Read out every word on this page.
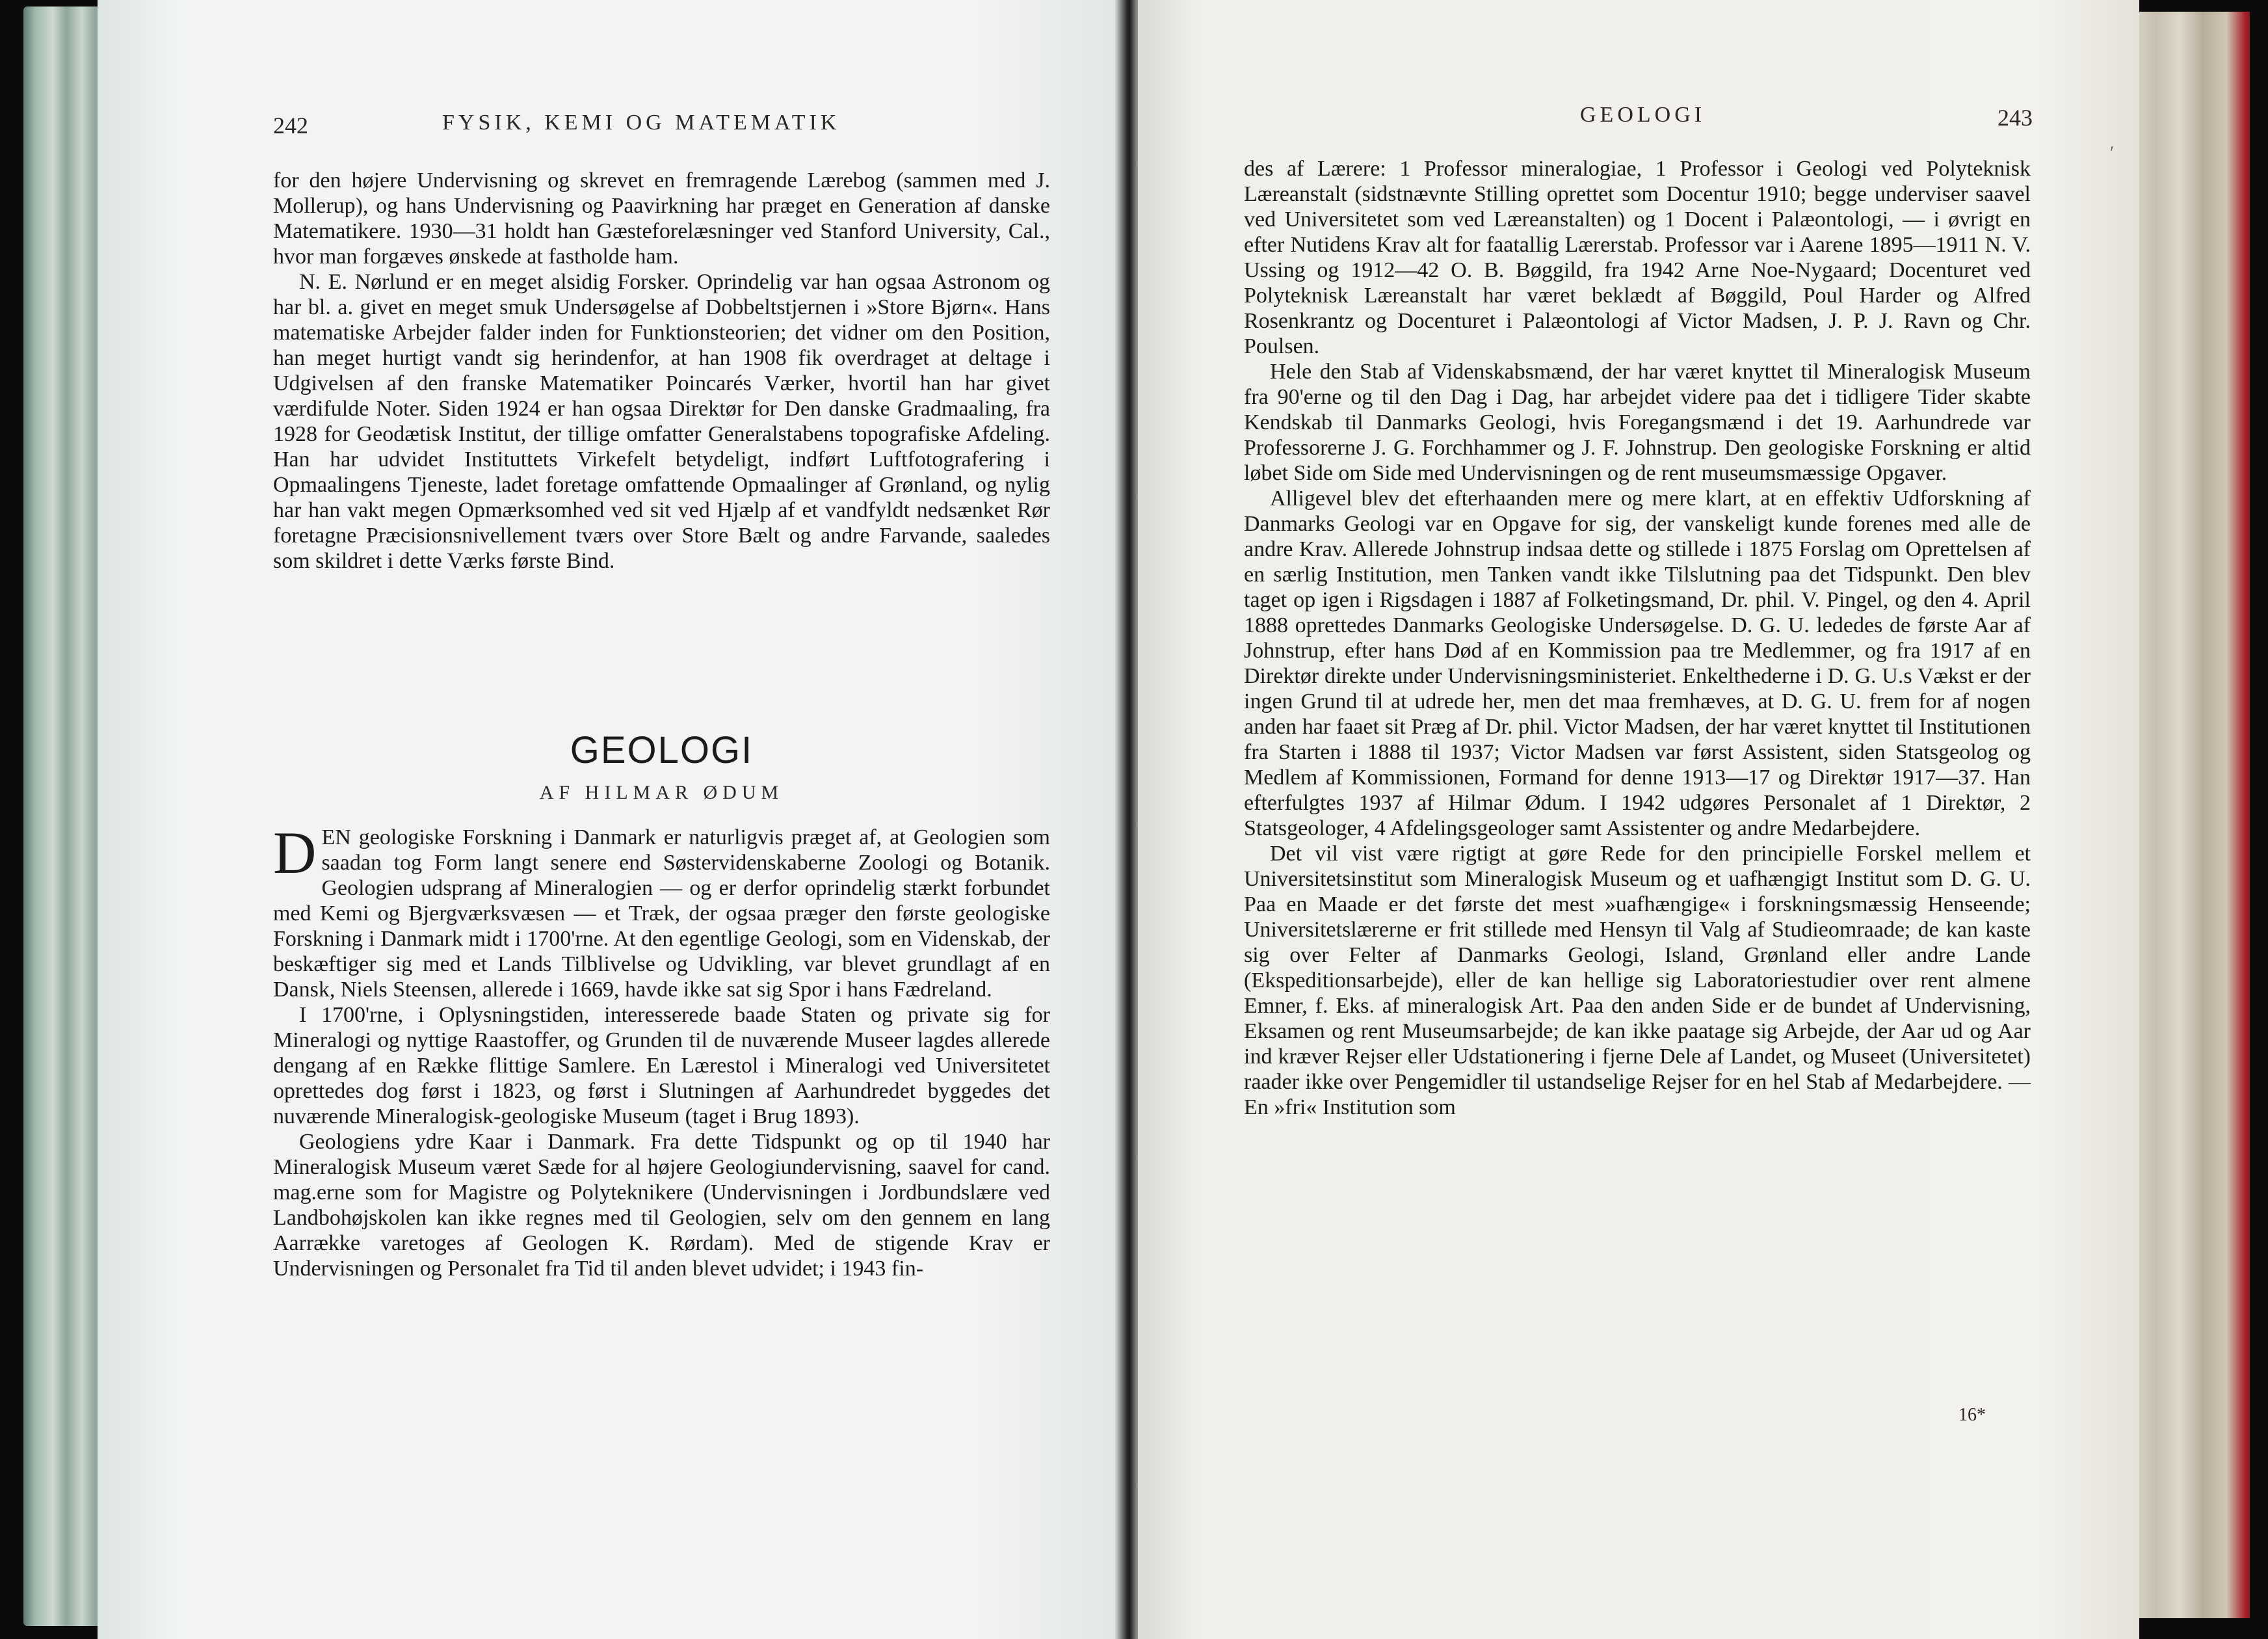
242	FYSIK, KEMI OG MATEMATIK

for den højere Undervisning og skrevet en fremragende Lærebog (sammen med J. Mollerup), og hans Undervisning og Paavirkning har præget en Generation af danske Matematikere. 1930—31 holdt han Gæsteforelæsninger ved Stanford University, Cal., hvor man forgæves ønskede at fastholde ham.

N. E. Nørlund er en meget alsidig Forsker. Oprindelig var han ogsaa Astronom og har bl. a. givet en meget smuk Undersøgelse af Dobbeltstjernen i »Store Bjørn«. Hans matematiske Arbejder falder inden for Funktionsteorien; det vidner om den Position, han meget hurtigt vandt sig herindenfor, at han 1908 fik overdraget at deltage i Udgivelsen af den franske Matematiker Poincarés Værker, hvortil han har givet værdifulde Noter. Siden 1924 er han ogsaa Direktør for Den danske Gradmaaling, fra 1928 for Geodætisk Institut, der tillige omfatter Generalstabens topografiske Afdeling. Han har udvidet Instituttets Virkefelt betydeligt, indført Luftfotografering i Opmaalingens Tjeneste, ladet foretage omfattende Opmaalinger af Grønland, og nylig har han vakt megen Opmærksomhed ved sit ved Hjælp af et vandfyldt nedsænket Rør foretagne Præcisionsnivellement tværs over Store Bælt og andre Farvande, saaledes som skildret i dette Værks første Bind.

GEOLOGI
AF HILMAR ØDUM

DEN geologiske Forskning i Danmark er naturligvis præget af, at Geologien som saadan tog Form langt senere end Søstervidenskaberne Zoologi og Botanik. Geologien udsprang af Mineralogien — og er derfor oprindelig stærkt forbundet med Kemi og Bjergværksvæsen — et Træk, der ogsaa præger den første geologiske Forskning i Danmark midt i 1700'rne. At den egentlige Geologi, som en Videnskab, der beskæftiger sig med et Lands Tilblivelse og Udvikling, var blevet grundlagt af en Dansk, Niels Steensen, allerede i 1669, havde ikke sat sig Spor i hans Fædreland.

I 1700'rne, i Oplysningstiden, interesserede baade Staten og private sig for Mineralogi og nyttige Raastoffer, og Grunden til de nuværende Museer lagdes allerede dengang af en Række flittige Samlere. En Lærestol i Mineralogi ved Universitetet oprettedes dog først i 1823, og først i Slutningen af Aarhundredet byggedes det nuværende Mineralogisk-geologiske Museum (taget i Brug 1893).

Geologiens ydre Kaar i Danmark. Fra dette Tidspunkt og op til 1940 har Mineralogisk Museum været Sæde for al højere Geologiundervisning, saavel for cand. mag.erne som for Magistre og Polyteknikere (Undervisningen i Jordbundslære ved Landbohøjskolen kan ikke regnes med til Geologien, selv om den gennem en lang Aarrække varetoges af Geologen K. Rørdam). Med de stigende Krav er Undervisningen og Personalet fra Tid til anden blevet udvidet; i 1943 fin-

GEOLOGI	243

des af Lærere: 1 Professor mineralogiae, 1 Professor i Geologi ved Polyteknisk Læreanstalt (sidstnævnte Stilling oprettet som Docentur 1910; begge underviser saavel ved Universitetet som ved Læreanstalten) og 1 Docent i Palæontologi, — i øvrigt en efter Nutidens Krav alt for faatallig Lærerstab. Professor var i Aarene 1895—1911 N. V. Ussing og 1912—42 O. B. Bøggild, fra 1942 Arne Noe-Nygaard; Docenturet ved Polyteknisk Læreanstalt har været beklædt af Bøggild, Poul Harder og Alfred Rosenkrantz og Docenturet i Palæontologi af Victor Madsen, J. P. J. Ravn og Chr. Poulsen.

Hele den Stab af Videnskabsmænd, der har været knyttet til Mineralogisk Museum fra 90'erne og til den Dag i Dag, har arbejdet videre paa det i tidligere Tider skabte Kendskab til Danmarks Geologi, hvis Foregangsmænd i det 19. Aarhundrede var Professorerne J. G. Forchhammer og J. F. Johnstrup. Den geologiske Forskning er altid løbet Side om Side med Undervisningen og de rent museumsmæssige Opgaver.

Alligevel blev det efterhaanden mere og mere klart, at en effektiv Udforskning af Danmarks Geologi var en Opgave for sig, der vanskeligt kunde forenes med alle de andre Krav. Allerede Johnstrup indsaa dette og stillede i 1875 Forslag om Oprettelsen af en særlig Institution, men Tanken vandt ikke Tilslutning paa det Tidspunkt. Den blev taget op igen i Rigsdagen i 1887 af Folketingsmand, Dr. phil. V. Pingel, og den 4. April 1888 oprettedes Danmarks Geologiske Undersøgelse. D. G. U. lededes de første Aar af Johnstrup, efter hans Død af en Kommission paa tre Medlemmer, og fra 1917 af en Direktør direkte under Undervisningsministeriet. Enkelthederne i D. G. U.s Vækst er der ingen Grund til at udrede her, men det maa fremhæves, at D. G. U. frem for af nogen anden har faaet sit Præg af Dr. phil. Victor Madsen, der har været knyttet til Institutionen fra Starten i 1888 til 1937; Victor Madsen var først Assistent, siden Statsgeolog og Medlem af Kommissionen, Formand for denne 1913—17 og Direktør 1917—37. Han efterfulgtes 1937 af Hilmar Ødum. I 1942 udgøres Personalet af 1 Direktør, 2 Statsgeologer, 4 Afdelingsgeologer samt Assistenter og andre Medarbejdere.

Det vil vist være rigtigt at gøre Rede for den principielle Forskel mellem et Universitetsinstitut som Mineralogisk Museum og et uafhængigt Institut som D. G. U. Paa en Maade er det første det mest »uafhængige« i forskningsmæssig Henseende; Universitetslærerne er frit stillede med Hensyn til Valg af Studieomraade; de kan kaste sig over Felter af Danmarks Geologi, Island, Grønland eller andre Lande (Ekspeditionsarbejde), eller de kan hellige sig Laboratoriestudier over rent almene Emner, f. Eks. af mineralogisk Art. Paa den anden Side er de bundet af Undervisning, Eksamen og rent Museumsarbejde; de kan ikke paatage sig Arbejde, der Aar ud og Aar ind kræver Rejser eller Udstationering i fjerne Dele af Landet, og Museet (Universitetet) raader ikke over Pengemidler til ustandselige Rejser for en hel Stab af Medarbejdere. — En »fri« Institution som

16*
ʹ
